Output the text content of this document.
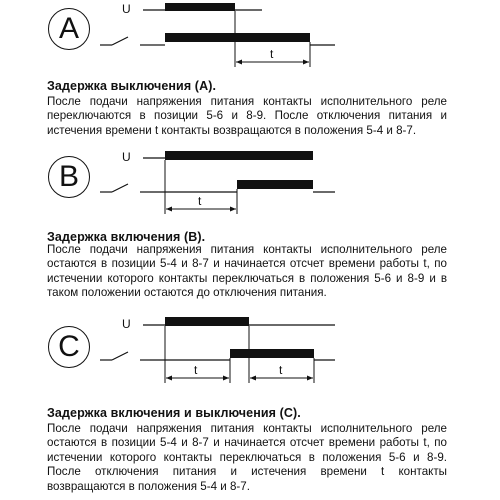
A
U
t
Задержка выключения (А).

После подачи напряжения питания контакты исполнительного реле переключаются в позиции 5-6 и 8-9. После отключения питания и истечения времени t контакты возвращаются в положения 5-4 и 8-7.

B
U
t
Задержка включения (В).

После подачи напряжения питания контакты исполнительного реле остаются в позиции 5-4 и 8-7 и начинается отсчет времени работы t, по истечении которого контакты переключаться в положения 5-6 и 8-9 и в таком положении остаются до отключения питания.

C
U
t	t
Задержка включения и выключения (С).

После подачи напряжения питания контакты исполнительного реле остаются в позиции 5-4 и 8-7 и начинается отсчет времени работы t, по истечении которого контакты переключаться в положения 5-6 и 8-9. После отключения питания и истечения времени t контакты возвращаются в положения 5-4 и 8-7.
